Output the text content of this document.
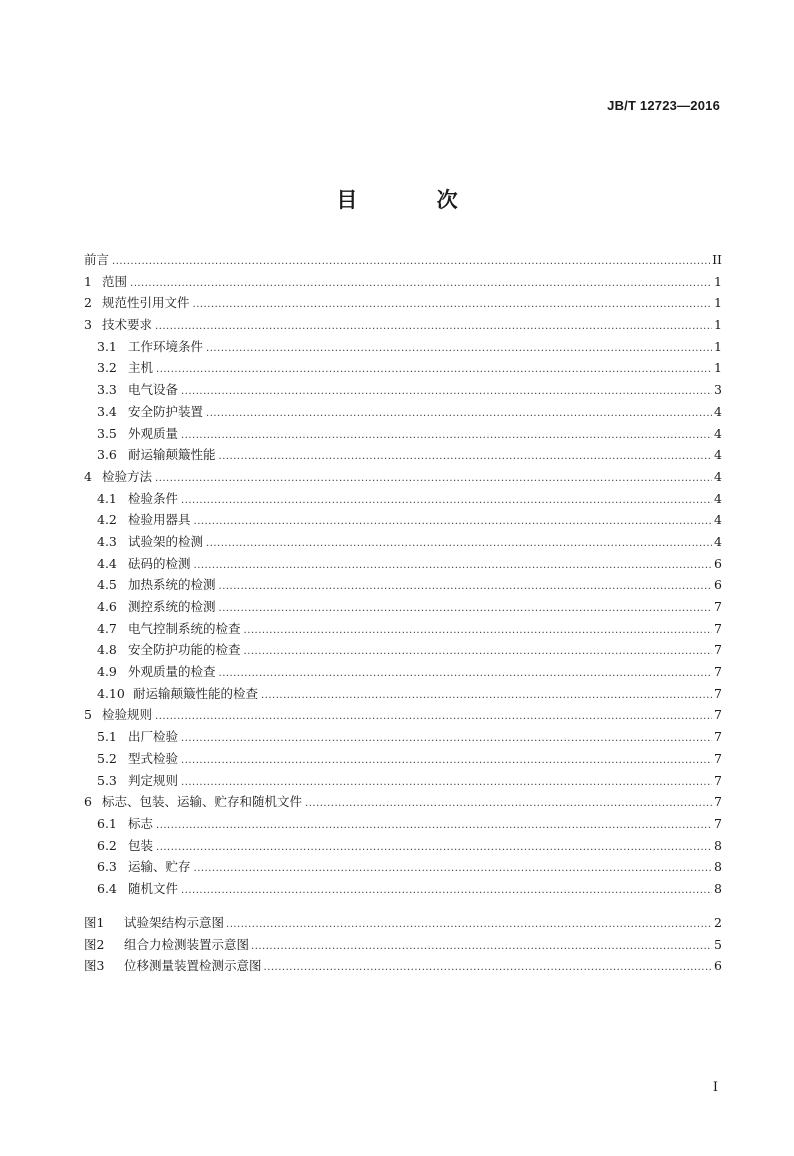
JB/T 12723—2016
目 次
前言 .....	II
1 范围 .....	1
2 规范性引用文件 .....	1
3 技术要求 .....	1
3.1 工作环境条件 .....	1
3.2 主机 .....	1
3.3 电气设备 .....	3
3.4 安全防护装置 .....	4
3.5 外观质量 .....	4
3.6 耐运输颠簸性能 .....	4
4 检验方法 .....	4
4.1 检验条件 .....	4
4.2 检验用器具 .....	4
4.3 试验架的检测 .....	4
4.4 砝码的检测 .....	6
4.5 加热系统的检测 .....	6
4.6 测控系统的检测 .....	7
4.7 电气控制系统的检查 .....	7
4.8 安全防护功能的检查 .....	7
4.9 外观质量的检查 .....	7
4.10 耐运输颠簸性能的检查 .....	7
5 检验规则 .....	7
5.1 出厂检验 .....	7
5.2 型式检验 .....	7
5.3 判定规则 .....	7
6 标志、包装、运输、贮存和随机文件 .....	7
6.1 标志 .....	7
6.2 包装 .....	8
6.3 运输、贮存 .....	8
6.4 随机文件 .....	8
图1	试验架结构示意图 .....	2
图2	组合力检测装置示意图 .....	5
图3	位移测量装置检测示意图 .....	6
I
